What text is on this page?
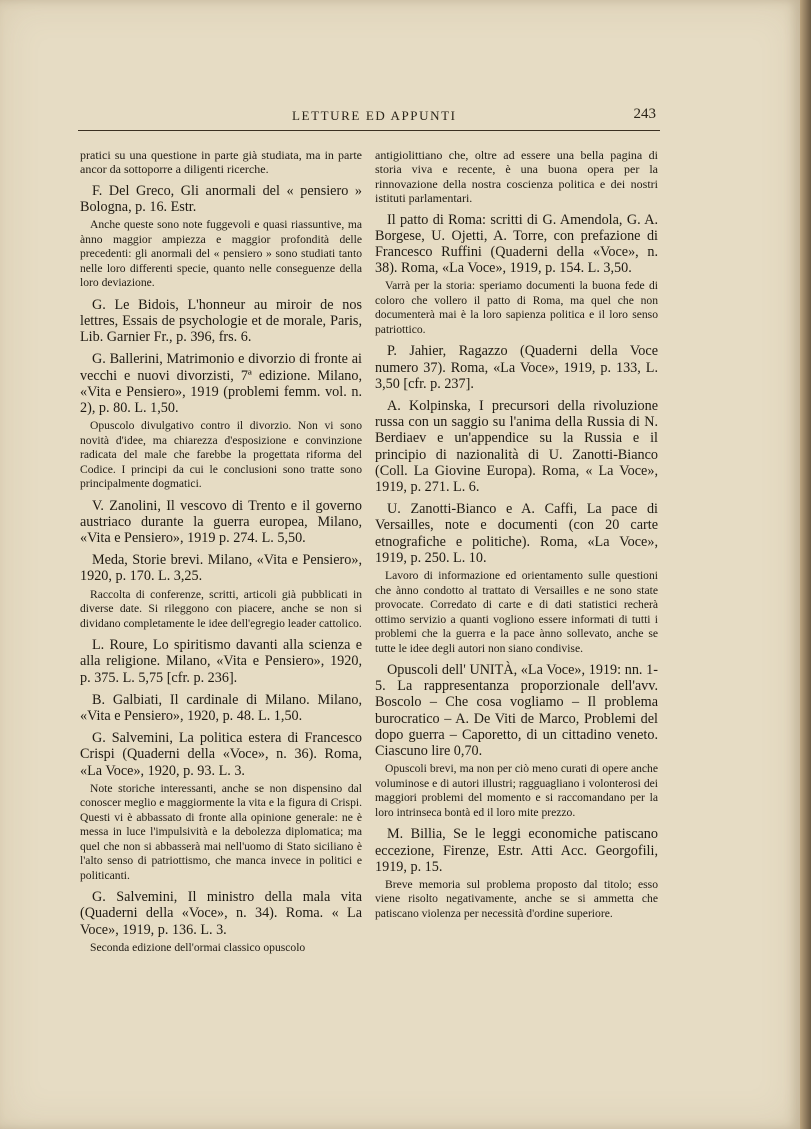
LETTURE ED APPUNTI	243

pratici su una questione in parte già studiata, ma in parte ancor da sottoporre a diligenti ricerche.

F. Del Greco, Gli anormali del « pensiero » Bologna, p. 16. Estr.

Anche queste sono note fuggevoli e quasi riassuntive, ma ànno maggior ampiezza e maggior profondità delle precedenti: gli anormali del « pensiero » sono studiati tanto nelle loro differenti specie, quanto nelle conseguenze della loro deviazione.

G. Le Bidois, L'honneur au miroir de nos lettres, Essais de psychologie et de morale, Paris, Lib. Garnier Fr., p. 396, frs. 6.

G. Ballerini, Matrimonio e divorzio di fronte ai vecchi e nuovi divorzisti, 7ª edizione. Milano, «Vita e Pensiero», 1919 (problemi femm. vol. n. 2), p. 80. L. 1,50.

Opuscolo divulgativo contro il divorzio. Non vi sono novità d'idee, ma chiarezza d'esposizione e convinzione radicata del male che farebbe la progettata riforma del Codice. I principi da cui le conclusioni sono tratte sono principalmente dogmatici.

V. Zanolini, Il vescovo di Trento e il governo austriaco durante la guerra europea, Milano, «Vita e Pensiero», 1919 p. 274. L. 5,50.

Meda, Storie brevi. Milano, «Vita e Pensiero», 1920, p. 170. L. 3,25.

Raccolta di conferenze, scritti, articoli già pubblicati in diverse date. Si rileggono con piacere, anche se non si dividano completamente le idee dell'egregio leader cattolico.

L. Roure, Lo spiritismo davanti alla scienza e alla religione. Milano, «Vita e Pensiero», 1920, p. 375. L. 5,75 [cfr. p. 236].

B. Galbiati, Il cardinale di Milano. Milano, «Vita e Pensiero», 1920, p. 48. L. 1,50.

G. Salvemini, La politica estera di Francesco Crispi (Quaderni della «Voce», n. 36). Roma, «La Voce», 1920, p. 93. L. 3.

Note storiche interessanti, anche se non dispensino dal conoscer meglio e maggiormente la vita e la figura di Crispi. Questi vi è abbassato di fronte alla opinione generale: ne è messa in luce l'impulsività e la debolezza diplomatica; ma quel che non si abbasserà mai nell'uomo di Stato siciliano è l'alto senso di patriottismo, che manca invece in politici e politicanti.

G. Salvemini, Il ministro della mala vita (Quaderni della «Voce», n. 34). Roma. « La Voce», 1919, p. 136. L. 3.

Seconda edizione dell'ormai classico opuscolo

antigiolittiano che, oltre ad essere una bella pagina di storia viva e recente, è una buona opera per la rinnovazione della nostra coscienza politica e dei nostri istituti parlamentari.

Il patto di Roma: scritti di G. Amendola, G. A. Borgese, U. Ojetti, A. Torre, con prefazione di Francesco Ruffini (Quaderni della «Voce», n. 38). Roma, «La Voce», 1919, p. 154. L. 3,50.

Varrà per la storia: speriamo documenti la buona fede di coloro che vollero il patto di Roma, ma quel che non documenterà mai è la loro sapienza politica e il loro senso patriottico.

P. Jahier, Ragazzo (Quaderni della Voce numero 37). Roma, «La Voce», 1919, p. 133, L. 3,50 [cfr. p. 237].

A. Kolpinska, I precursori della rivoluzione russa con un saggio su l'anima della Russia di N. Berdiaev e un'appendice su la Russia e il principio di nazionalità di U. Zanotti-Bianco (Coll. La Giovine Europa). Roma, « La Voce», 1919, p. 271. L. 6.

U. Zanotti-Bianco e A. Caffi, La pace di Versailles, note e documenti (con 20 carte etnografiche e politiche). Roma, «La Voce», 1919, p. 250. L. 10.

Lavoro di informazione ed orientamento sulle questioni che ànno condotto al trattato di Versailles e ne sono state provocate. Corredato di carte e di dati statistici recherà ottimo servizio a quanti vogliono essere informati di tutti i problemi che la guerra e la pace ànno sollevato, anche se tutte le idee degli autori non siano condivise.

Opuscoli dell' UNITÀ, «La Voce», 1919: nn. 1-5. La rappresentanza proporzionale dell'avv. Boscolo – Che cosa vogliamo – Il problema burocratico – A. De Viti de Marco, Problemi del dopo guerra – Caporetto, di un cittadino veneto. Ciascuno lire 0,70.

Opuscoli brevi, ma non per ciò meno curati di opere anche voluminose e di autori illustri; ragguagliano i volonterosi dei maggiori problemi del momento e si raccomandano per la loro intrinseca bontà ed il loro mite prezzo.

M. Billia, Se le leggi economiche patiscano eccezione, Firenze, Estr. Atti Acc. Georgofili, 1919, p. 15.

Breve memoria sul problema proposto dal titolo; esso viene risolto negativamente, anche se si ammetta che patiscano violenza per necessità d'ordine superiore.
